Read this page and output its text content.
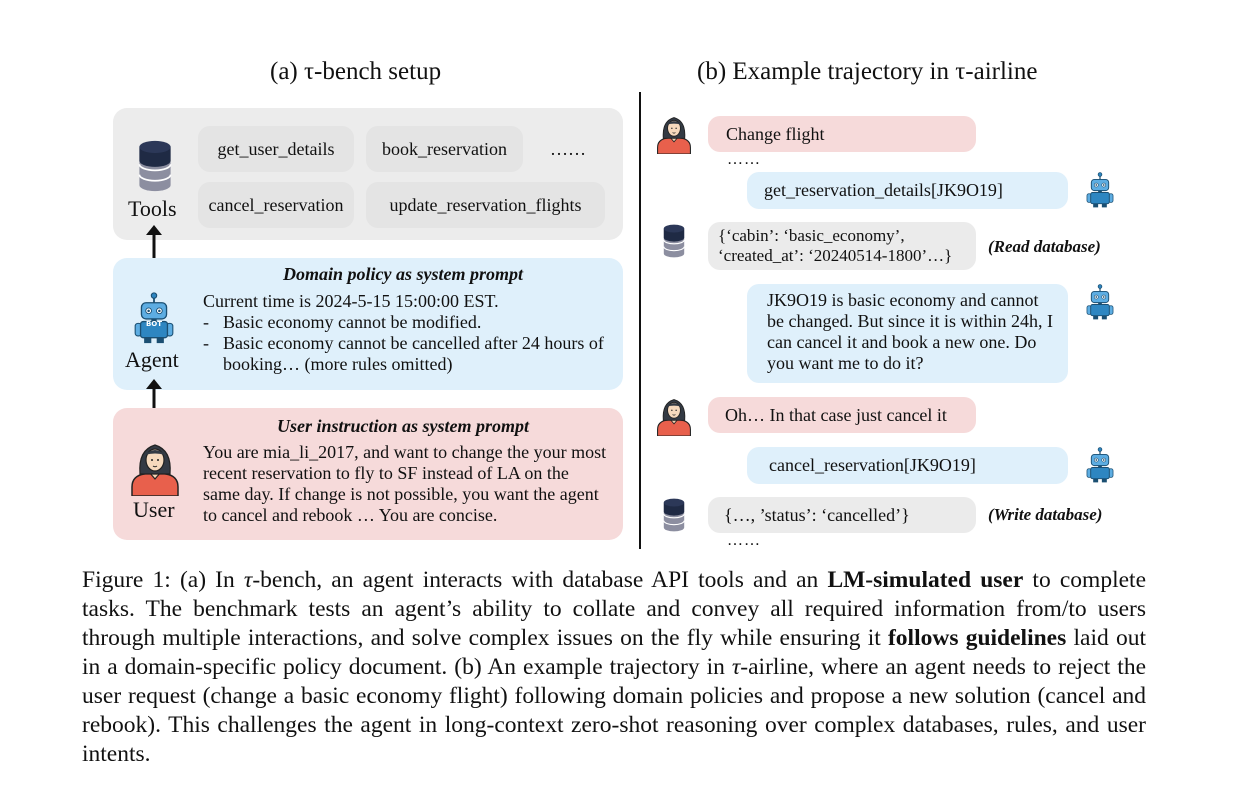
(a) τ-bench setup
Tools
get_user_details	book_reservation	……
cancel_reservation	update_reservation_flights
BOT
Agent
Domain policy as system prompt
Current time is 2024-5-15 15:00:00 EST.
- Basic economy cannot be modified.
- Basic economy cannot be cancelled after 24 hours of booking… (more rules omitted)
User
User instruction as system prompt
You are mia_li_2017, and want to change the your most recent reservation to fly to SF instead of LA on the same day. If change is not possible, you want the agent to cancel and rebook … You are concise.
(b) Example trajectory in τ-airline
Change flight
……
get_reservation_details[JK9O19]
{‘cabin’: ‘basic_economy’,
‘created_at’: ‘20240514-1800’…}	(Read database)
JK9O19 is basic economy and cannot be changed. But since it is within 24h, I can cancel it and book a new one. Do you want me to do it?
Oh… In that case just cancel it
cancel_reservation[JK9O19]
{…, ’status’: ‘cancelled’}	(Write database)
……

Figure 1: (a) In τ-bench, an agent interacts with database API tools and an LM-simulated user to complete tasks. The benchmark tests an agent’s ability to collate and convey all required information from/to users through multiple interactions, and solve complex issues on the fly while ensuring it follows guidelines laid out in a domain-specific policy document. (b) An example trajectory in τ-airline, where an agent needs to reject the user request (change a basic economy flight) following domain policies and propose a new solution (cancel and rebook). This challenges the agent in long-context zero-shot reasoning over complex databases, rules, and user intents.
